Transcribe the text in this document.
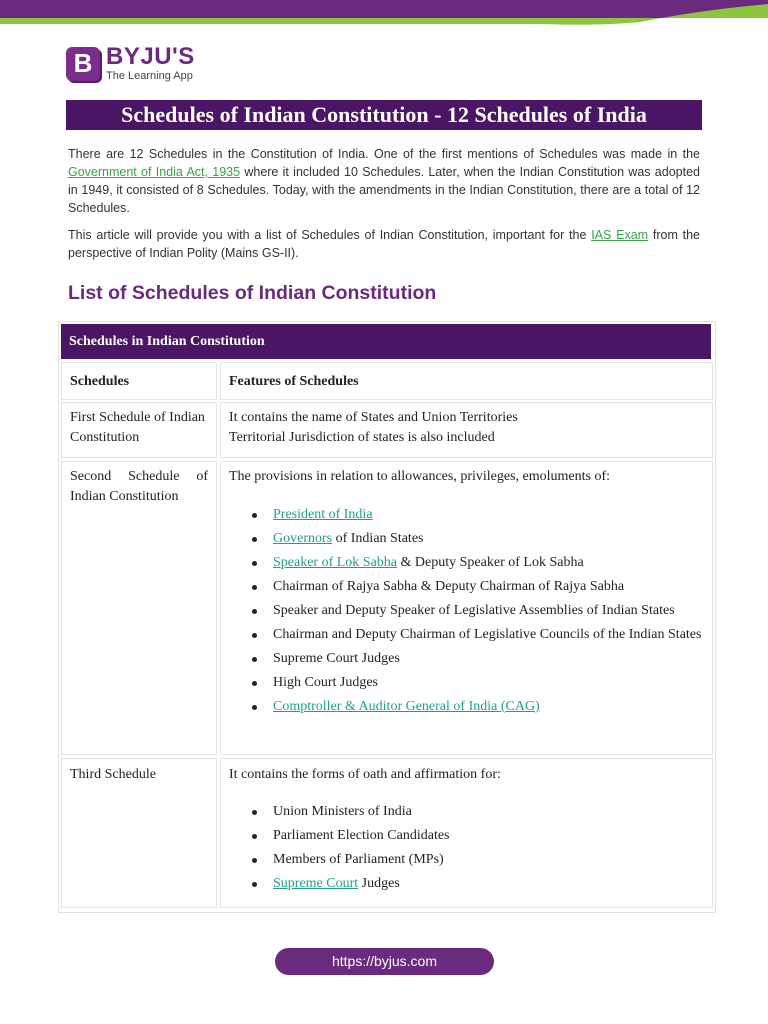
B BYJU'S
The Learning App
Schedules of Indian Constitution - 12 Schedules of India
There are 12 Schedules in the Constitution of India. One of the first mentions of Schedules was made in the Government of India Act, 1935 where it included 10 Schedules. Later, when the Indian Constitution was adopted in 1949, it consisted of 8 Schedules. Today, with the amendments in the Indian Constitution, there are a total of 12 Schedules.
This article will provide you with a list of Schedules of Indian Constitution, important for the IAS Exam from the perspective of Indian Polity (Mains GS-II).
List of Schedules of Indian Constitution
Schedules in Indian Constitution
Schedules	Features of Schedules
First Schedule of Indian Constitution
It contains the name of States and Union Territories
Territorial Jurisdiction of states is also included
Second Schedule of Indian Constitution
The provisions in relation to allowances, privileges, emoluments of:
President of India
Governors of Indian States
Speaker of Lok Sabha & Deputy Speaker of Lok Sabha
Chairman of Rajya Sabha & Deputy Chairman of Rajya Sabha
Speaker and Deputy Speaker of Legislative Assemblies of Indian States
Chairman and Deputy Chairman of Legislative Councils of the Indian States
Supreme Court Judges
High Court Judges
Comptroller & Auditor General of India (CAG)
Third Schedule	It contains the forms of oath and affirmation for:
Union Ministers of India
Parliament Election Candidates
Members of Parliament (MPs)
Supreme Court Judges
https://byjus.com
